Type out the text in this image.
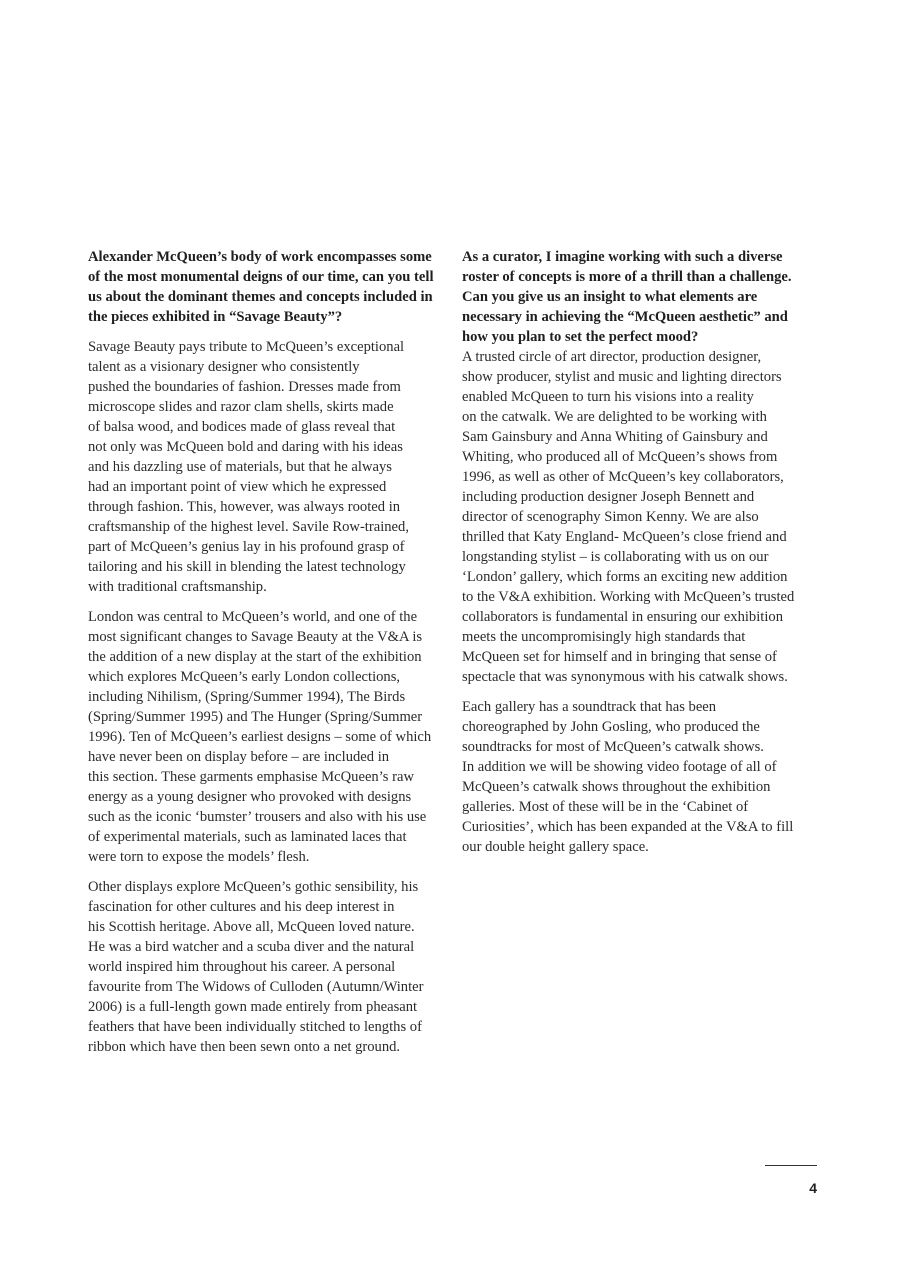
Alexander McQueen’s body of work encompasses some
of the most monumental deigns of our time, can you tell
us about the dominant themes and concepts included in
the pieces exhibited in “Savage Beauty”?
Savage Beauty pays tribute to McQueen’s exceptional
talent as a visionary designer who consistently
pushed the boundaries of fashion. Dresses made from
microscope slides and razor clam shells, skirts made
of balsa wood, and bodices made of glass reveal that
not only was McQueen bold and daring with his ideas
and his dazzling use of materials, but that he always
had an important point of view which he expressed
through fashion. This, however, was always rooted in
craftsmanship of the highest level. Savile Row-trained,
part of McQueen’s genius lay in his profound grasp of
tailoring and his skill in blending the latest technology
with traditional craftsmanship.
London was central to McQueen’s world, and one of the
most significant changes to Savage Beauty at the V&A is
the addition of a new display at the start of the exhibition
which explores McQueen’s early London collections,
including Nihilism, (Spring/Summer 1994), The Birds
(Spring/Summer 1995) and The Hunger (Spring/Summer
1996). Ten of McQueen’s earliest designs – some of which
have never been on display before – are included in
this section. These garments emphasise McQueen’s raw
energy as a young designer who provoked with designs
such as the iconic ‘bumster’ trousers and also with his use
of experimental materials, such as laminated laces that
were torn to expose the models’ flesh.
Other displays explore McQueen’s gothic sensibility, his
fascination for other cultures and his deep interest in
his Scottish heritage. Above all, McQueen loved nature.
He was a bird watcher and a scuba diver and the natural
world inspired him throughout his career. A personal
favourite from The Widows of Culloden (Autumn/Winter
2006) is a full-length gown made entirely from pheasant
feathers that have been individually stitched to lengths of
ribbon which have then been sewn onto a net ground.
As a curator, I imagine working with such a diverse
roster of concepts is more of a thrill than a challenge.
Can you give us an insight to what elements are
necessary in achieving the “McQueen aesthetic” and
how you plan to set the perfect mood?
A trusted circle of art director, production designer,
show producer, stylist and music and lighting directors
enabled McQueen to turn his visions into a reality
on the catwalk. We are delighted to be working with
Sam Gainsbury and Anna Whiting of Gainsbury and
Whiting, who produced all of McQueen’s shows from
1996, as well as other of McQueen’s key collaborators,
including production designer Joseph Bennett and
director of scenography Simon Kenny. We are also
thrilled that Katy England- McQueen’s close friend and
longstanding stylist – is collaborating with us on our
‘London’ gallery, which forms an exciting new addition
to the V&A exhibition. Working with McQueen’s trusted
collaborators is fundamental in ensuring our exhibition
meets the uncompromisingly high standards that
McQueen set for himself and in bringing that sense of
spectacle that was synonymous with his catwalk shows.
Each gallery has a soundtrack that has been
choreographed by John Gosling, who produced the
soundtracks for most of McQueen’s catwalk shows.
In addition we will be showing video footage of all of
McQueen’s catwalk shows throughout the exhibition
galleries. Most of these will be in the ‘Cabinet of
Curiosities’, which has been expanded at the V&A to fill
our double height gallery space.
4
